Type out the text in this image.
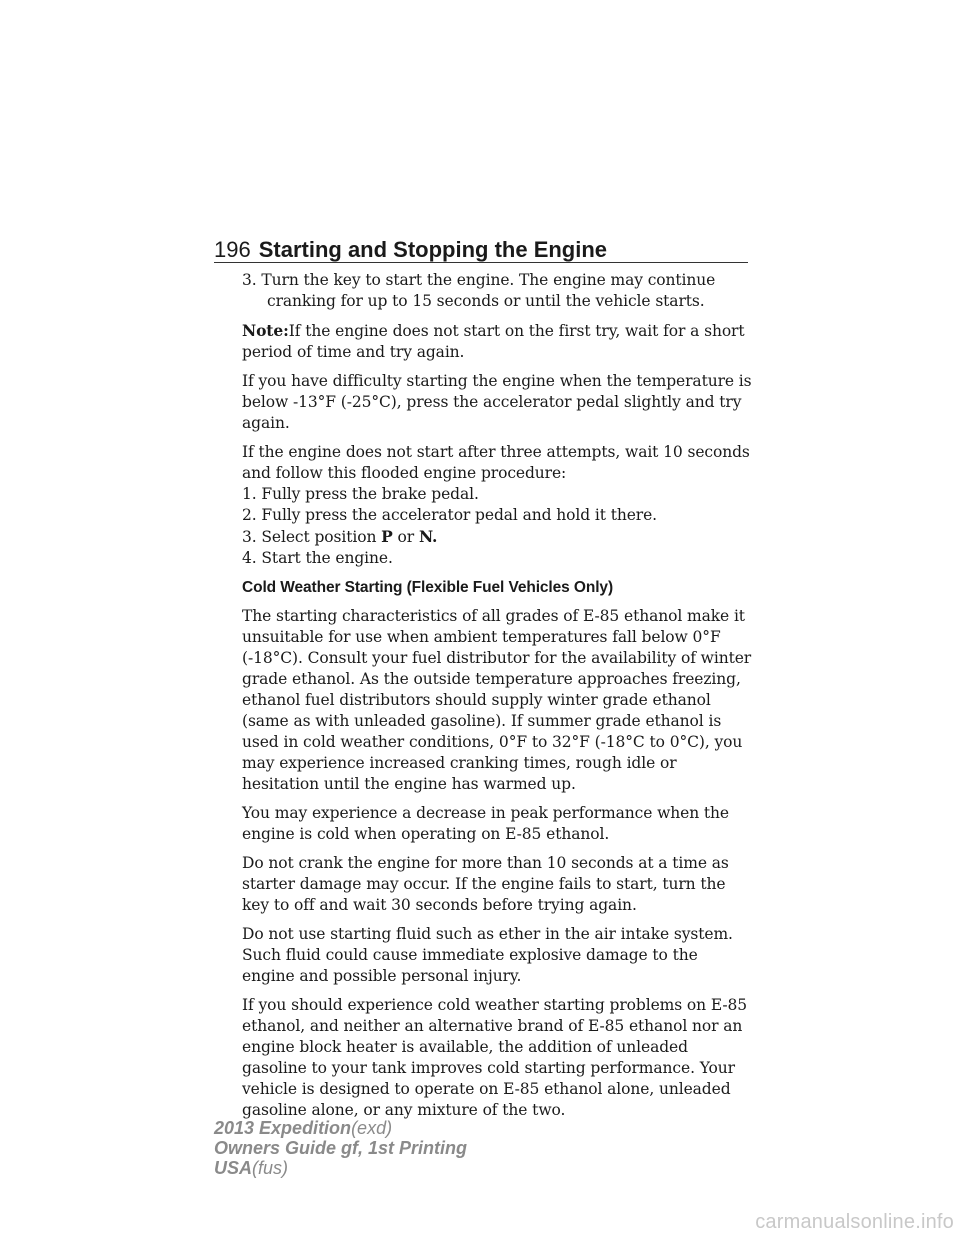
196 Starting and Stopping the Engine

3. Turn the key to start the engine. The engine may continue cranking for up to 15 seconds or until the vehicle starts.

Note:If the engine does not start on the first try, wait for a short period of time and try again.

If you have difficulty starting the engine when the temperature is below -13°F (-25°C), press the accelerator pedal slightly and try again.

If the engine does not start after three attempts, wait 10 seconds and follow this flooded engine procedure:

1. Fully press the brake pedal.

2. Fully press the accelerator pedal and hold it there.

3. Select position P or N.

4. Start the engine.

Cold Weather Starting (Flexible Fuel Vehicles Only)

The starting characteristics of all grades of E-85 ethanol make it unsuitable for use when ambient temperatures fall below 0°F (-18°C). Consult your fuel distributor for the availability of winter grade ethanol. As the outside temperature approaches freezing, ethanol fuel distributors should supply winter grade ethanol (same as with unleaded gasoline). If summer grade ethanol is used in cold weather conditions, 0°F to 32°F (-18°C to 0°C), you may experience increased cranking times, rough idle or hesitation until the engine has warmed up.

You may experience a decrease in peak performance when the engine is cold when operating on E-85 ethanol.

Do not crank the engine for more than 10 seconds at a time as starter damage may occur. If the engine fails to start, turn the key to off and wait 30 seconds before trying again.

Do not use starting fluid such as ether in the air intake system. Such fluid could cause immediate explosive damage to the engine and possible personal injury.

If you should experience cold weather starting problems on E-85 ethanol, and neither an alternative brand of E-85 ethanol nor an engine block heater is available, the addition of unleaded gasoline to your tank improves cold starting performance. Your vehicle is designed to operate on E-85 ethanol alone, unleaded gasoline alone, or any mixture of the two.

2013 Expedition(exd)
Owners Guide gf, 1st Printing
USA(fus)
carmanualsonline.info
